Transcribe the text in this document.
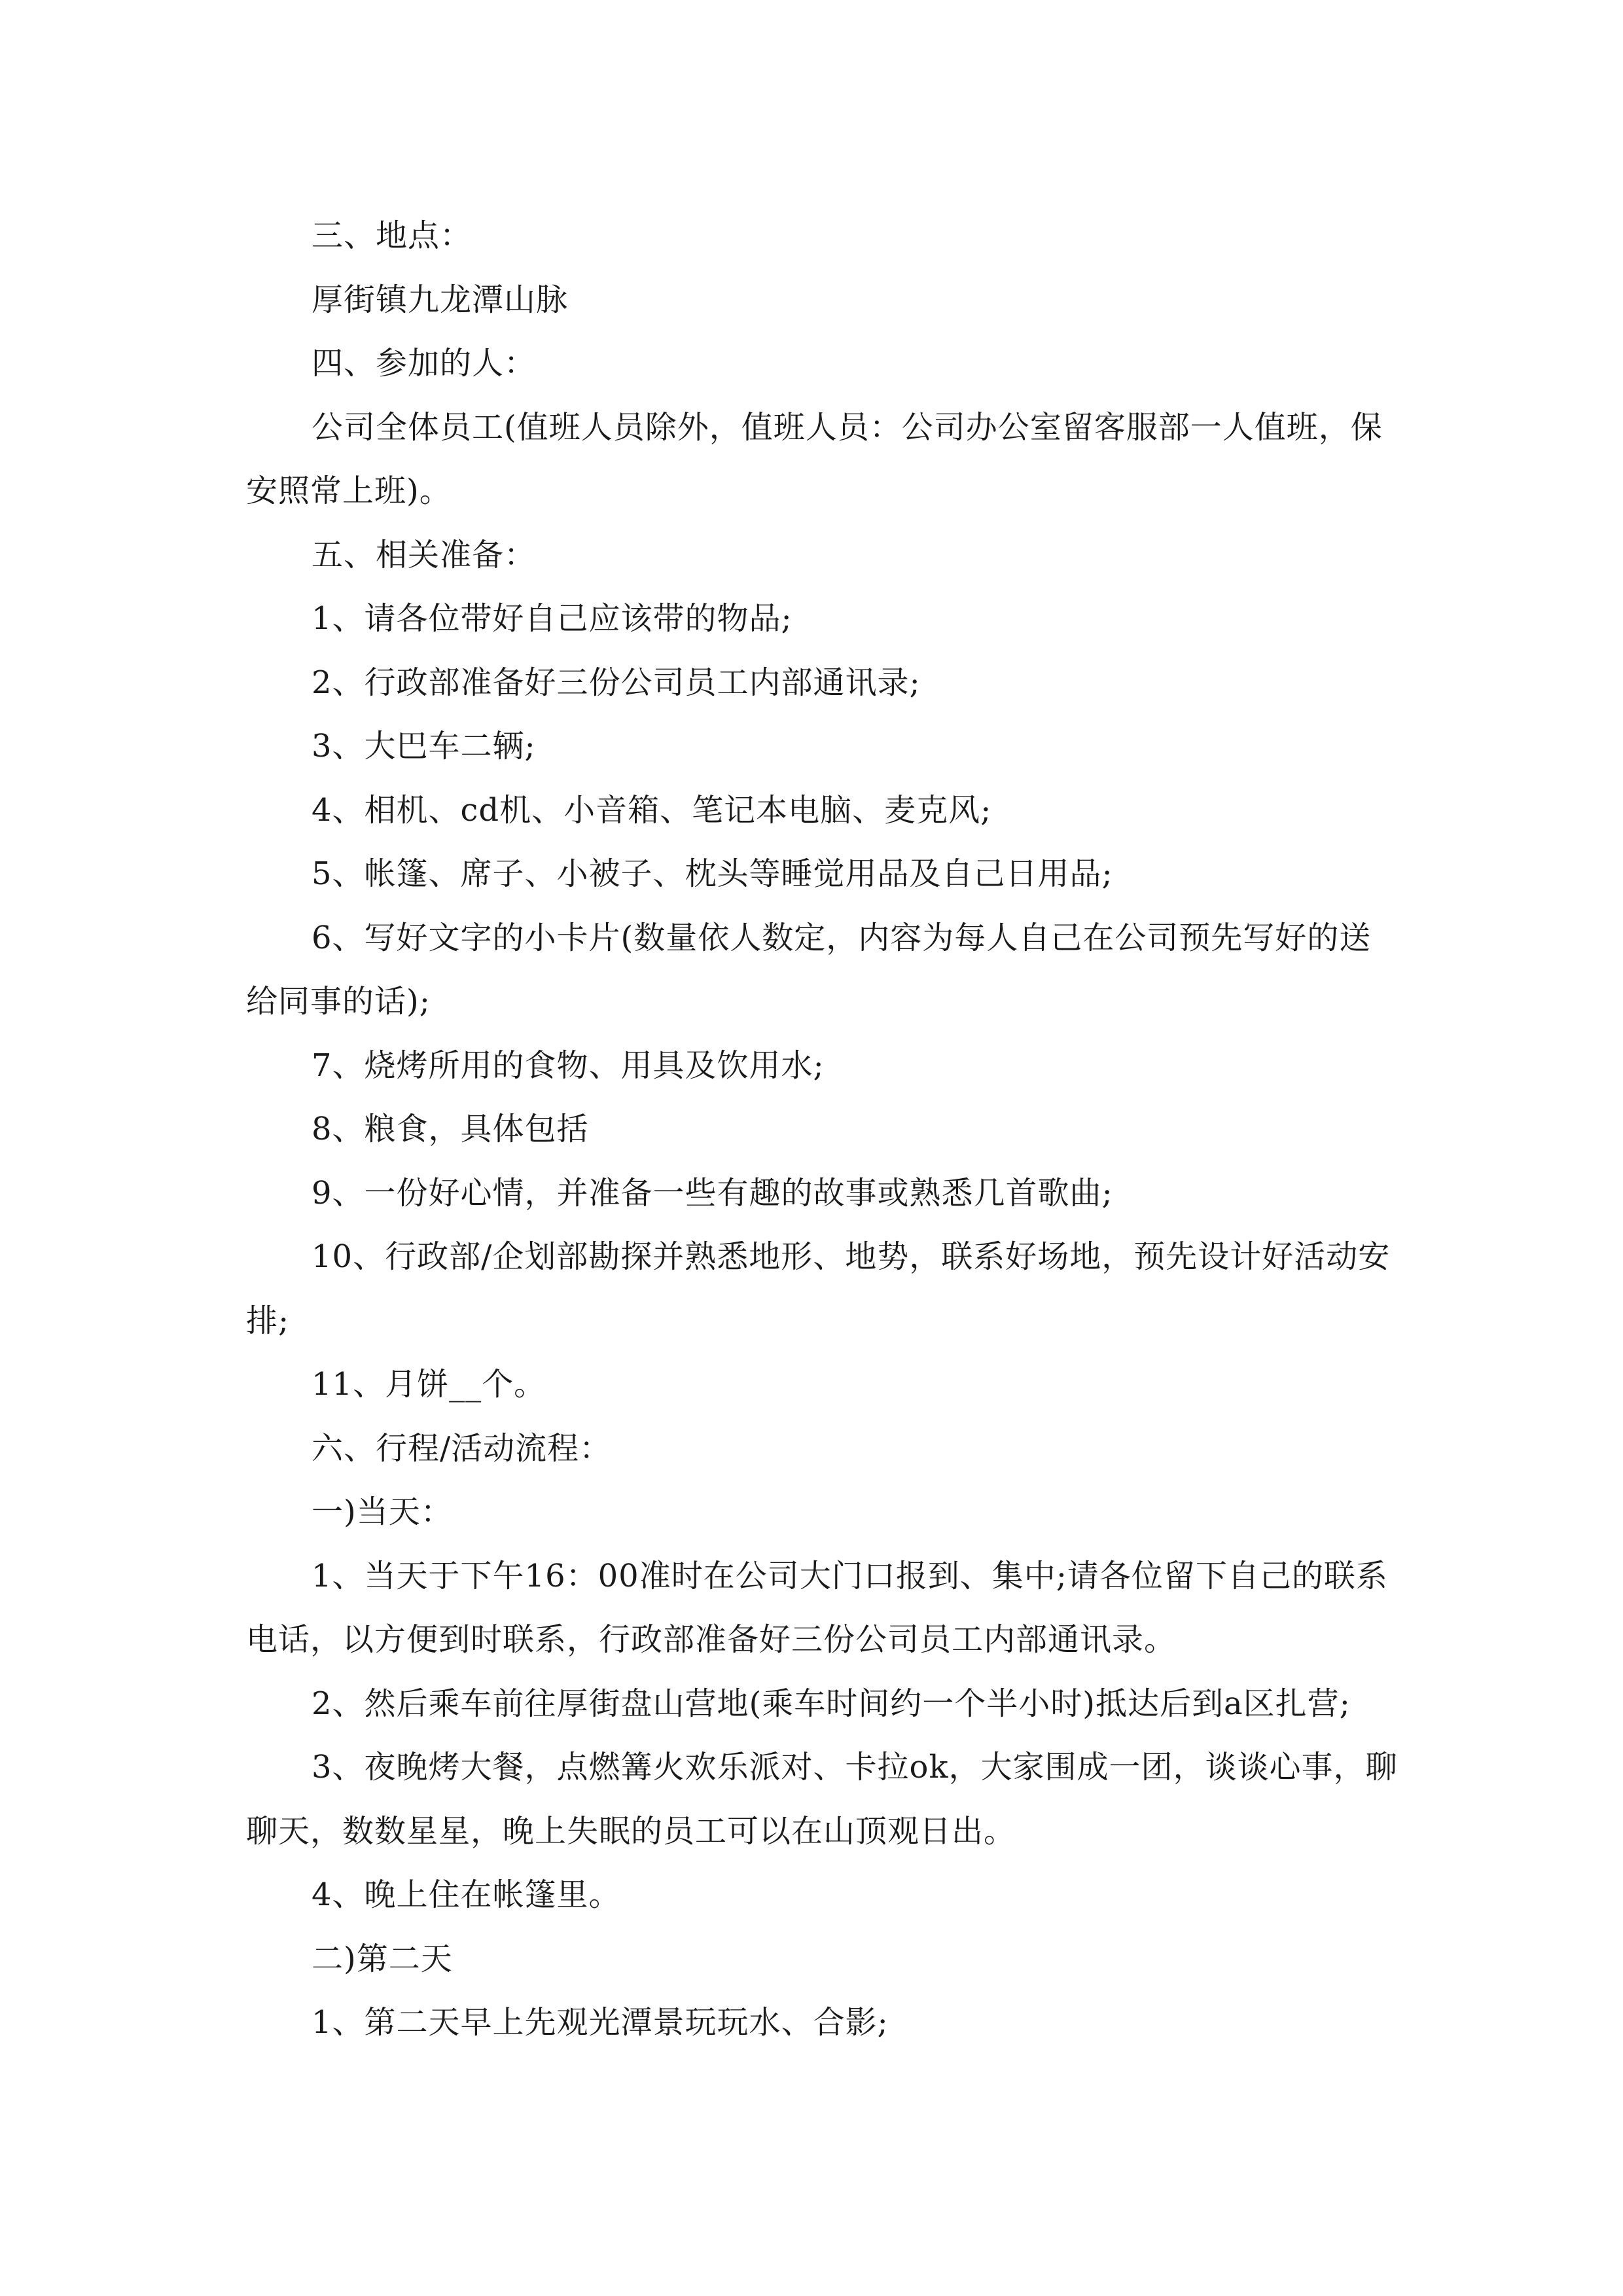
三、地点：

厚街镇九龙潭山脉

四、参加的人：

公司全体员工(值班人员除外，值班人员：公司办公室留客服部一人值班，保安照常上班)。

五、相关准备：

1、请各位带好自己应该带的物品;

2、行政部准备好三份公司员工内部通讯录;

3、大巴车二辆;

4、相机、cd机、小音箱、笔记本电脑、麦克风;

5、帐篷、席子、小被子、枕头等睡觉用品及自己日用品;

6、写好文字的小卡片(数量依人数定，内容为每人自己在公司预先写好的送给同事的话);

7、烧烤所用的食物、用具及饮用水;

8、粮食，具体包括

9、一份好心情，并准备一些有趣的故事或熟悉几首歌曲;

10、行政部/企划部勘探并熟悉地形、地势，联系好场地，预先设计好活动安排;

11、月饼__个。

六、行程/活动流程：

一)当天：

1、当天于下午16：00准时在公司大门口报到、集中;请各位留下自己的联系电话，以方便到时联系，行政部准备好三份公司员工内部通讯录。

2、然后乘车前往厚街盘山营地(乘车时间约一个半小时)抵达后到a区扎营;

3、夜晚烤大餐，点燃篝火欢乐派对、卡拉ok，大家围成一团，谈谈心事，聊聊天，数数星星，晚上失眠的员工可以在山顶观日出。

4、晚上住在帐篷里。

二)第二天

1、第二天早上先观光潭景玩玩水、合影;
